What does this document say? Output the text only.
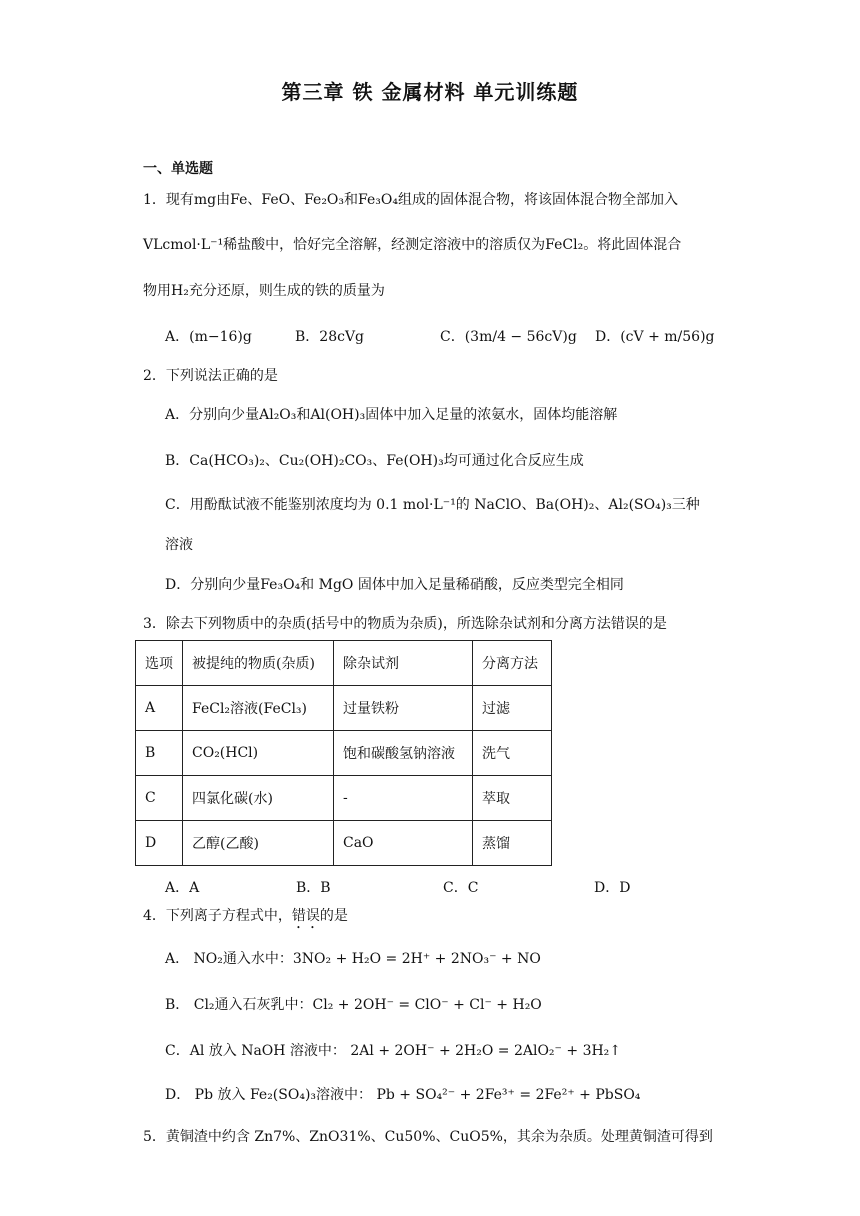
第三章 铁 金属材料 单元训练题
一、单选题
1．现有mg由Fe、FeO、Fe₂O₃和Fe₃O₄组成的固体混合物，将该固体混合物全部加入
VLcmol·L⁻¹稀盐酸中，恰好完全溶解，经测定溶液中的溶质仅为FeCl₂。将此固体混合
物用H₂充分还原，则生成的铁的质量为
A．(m−16)g	B．28cVg	C．(3m/4 − 56cV)g D．(cV + m/56)g
2．下列说法正确的是
A．分别向少量Al₂O₃和Al(OH)₃固体中加入足量的浓氨水，固体均能溶解
B．Ca(HCO₃)₂、Cu₂(OH)₂CO₃、Fe(OH)₃均可通过化合反应生成
C．用酚酞试液不能鉴别浓度均为 0.1 mol·L⁻¹的 NaClO、Ba(OH)₂、Al₂(SO₄)₃三种
溶液
D．分别向少量Fe₃O₄和 MgO 固体中加入足量稀硝酸，反应类型完全相同
3．除去下列物质中的杂质(括号中的物质为杂质)，所选除杂试剂和分离方法错误的是
选项	被提纯的物质(杂质)	除杂试剂	分离方法
A	FeCl₂溶液(FeCl₃)	过量铁粉	过滤
B	CO₂(HCl)	饱和碳酸氢钠溶液	洗气
C	四氯化碳(水)	-	萃取
D	乙醇(乙酸)	CaO	蒸馏
A．A	B．B	C．C	D．D
4．下列离子方程式中，错误的是
A． NO₂通入水中：3NO₂ + H₂O = 2H⁺ + 2NO₃⁻ + NO
B． Cl₂通入石灰乳中：Cl₂ + 2OH⁻ = ClO⁻ + Cl⁻ + H₂O
C．Al 放入 NaOH 溶液中： 2Al + 2OH⁻ + 2H₂O = 2AlO₂⁻ + 3H₂↑
D． Pb 放入 Fe₂(SO₄)₃溶液中： Pb + SO₄²⁻ + 2Fe³⁺ = 2Fe²⁺ + PbSO₄
5．黄铜渣中约含 Zn7%、ZnO31%、Cu50%、CuO5%，其余为杂质。处理黄铜渣可得到
